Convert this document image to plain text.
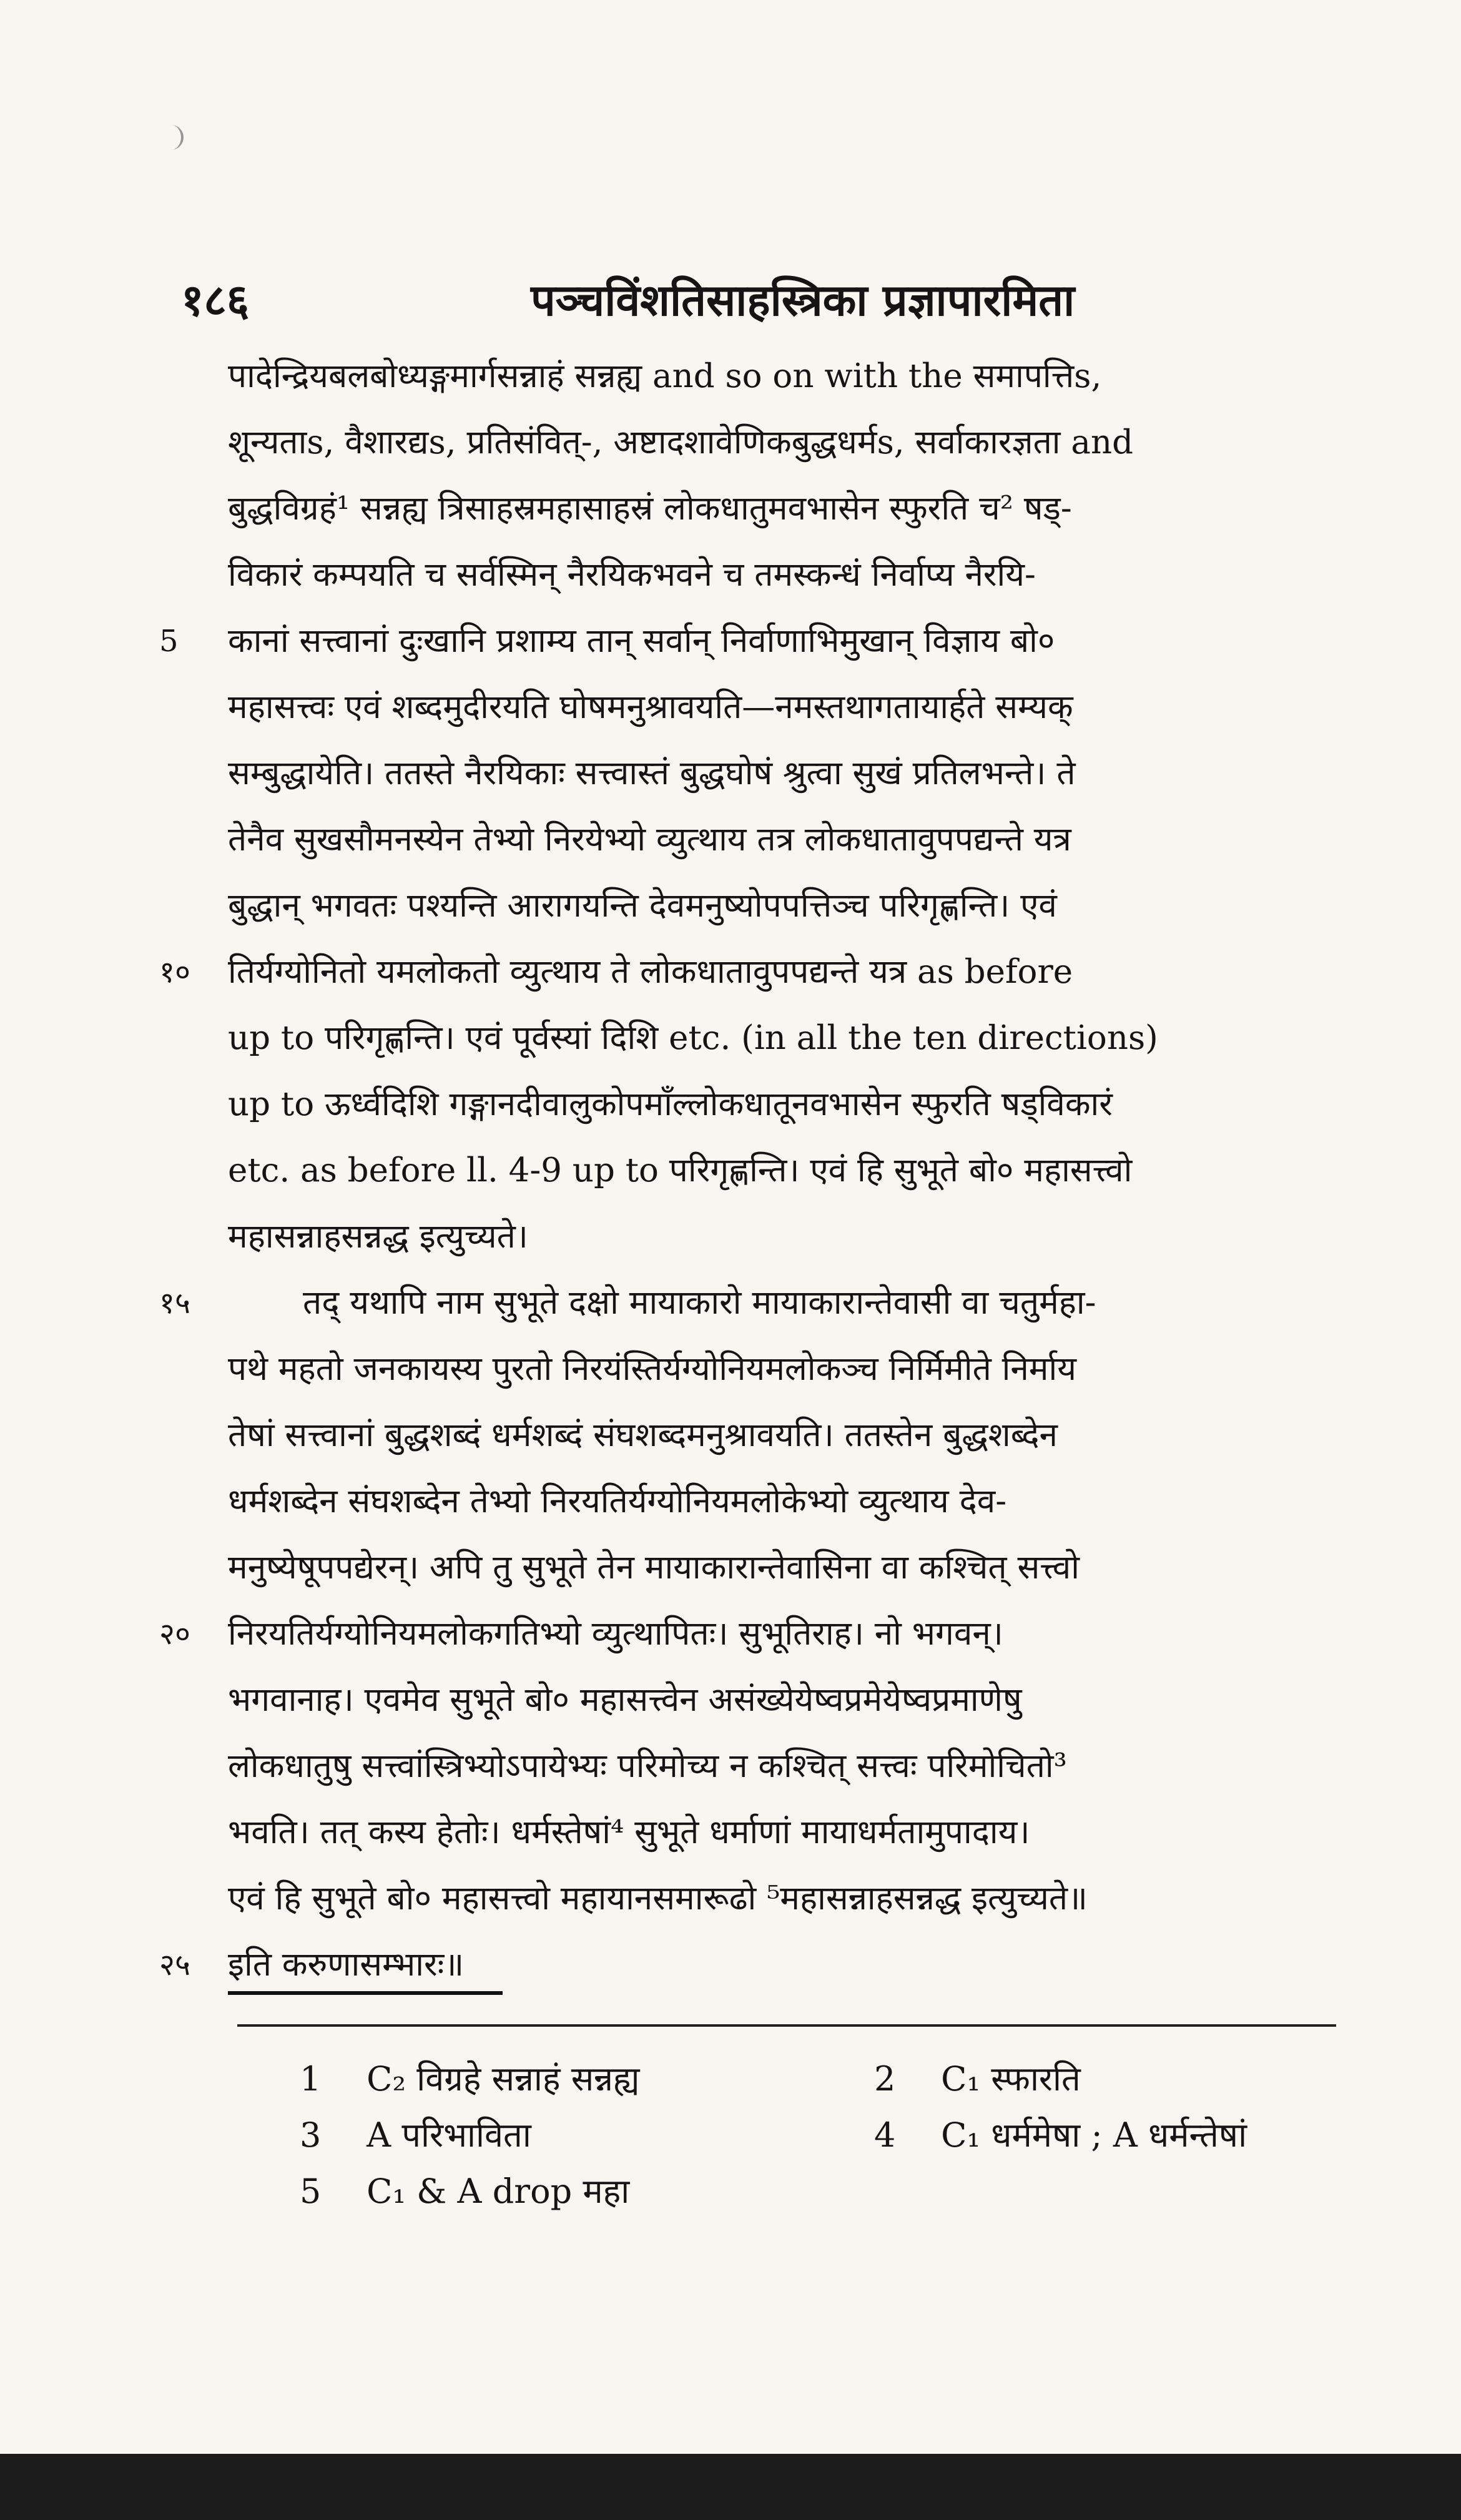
१८६	पञ्चविंशतिसाहस्त्रिका प्रज्ञापारमिता
पादेन्द्रियबलबोध्यङ्गमार्गसन्नाहं सन्नह्य and so on with the समापत्तिs,
शून्यताs, वैशारद्यs, प्रतिसंवित्-, अष्टादशावेणिकबुद्धधर्मs, सर्वाकारज्ञता and
बुद्धविग्रहं¹ सन्नह्य त्रिसाहस्रमहासाहस्रं लोकधातुमवभासेन स्फुरति च² षड्-
विकारं कम्पयति च सर्वस्मिन् नैरयिकभवने च तमस्कन्धं निर्वाप्य नैरयि-
5 कानां सत्त्वानां दुःखानि प्रशाम्य तान् सर्वान् निर्वाणाभिमुखान् विज्ञाय बो०
महासत्त्वः एवं शब्दमुदीरयति घोषमनुश्रावयति—नमस्तथागतायार्हते सम्यक्
सम्बुद्धायेति। ततस्ते नैरयिकाः सत्त्वास्तं बुद्धघोषं श्रुत्वा सुखं प्रतिलभन्ते। ते
तेनैव सुखसौमनस्येन तेभ्यो निरयेभ्यो व्युत्थाय तत्र लोकधातावुपपद्यन्ते यत्र
बुद्धान् भगवतः पश्यन्ति आरागयन्ति देवमनुष्योपपत्तिञ्च परिगृह्णन्ति। एवं
१० तिर्यग्योनितो यमलोकतो व्युत्थाय ते लोकधातावुपपद्यन्ते यत्र as before
up to परिगृह्णन्ति। एवं पूर्वस्यां दिशि etc. (in all the ten directions)
up to ऊर्ध्वदिशि गङ्गानदीवालुकोपमाँल्लोकधातूनवभासेन स्फुरति षड्विकारं
etc. as before ll. 4-9 up to परिगृह्णन्ति। एवं हि सुभूते बो० महासत्त्वो
महासन्नाहसन्नद्ध इत्युच्यते।
१५	तद् यथापि नाम सुभूते दक्षो मायाकारो मायाकारान्तेवासी वा चतुर्महा-
पथे महतो जनकायस्य पुरतो निरयंस्तिर्यग्योनियमलोकञ्च निर्मिमीते निर्माय
तेषां सत्त्वानां बुद्धशब्दं धर्मशब्दं संघशब्दमनुश्रावयति। ततस्तेन बुद्धशब्देन
धर्मशब्देन संघशब्देन तेभ्यो निरयतिर्यग्योनियमलोकेभ्यो व्युत्थाय देव-
मनुष्येषूपपद्येरन्। अपि तु सुभूते तेन मायाकारान्तेवासिना वा कश्चित् सत्त्वो
२० निरयतिर्यग्योनियमलोकगतिभ्यो व्युत्थापितः। सुभूतिराह। नो भगवन्।
भगवानाह। एवमेव सुभूते बो० महासत्त्वेन असंख्येयेष्वप्रमेयेष्वप्रमाणेषु
लोकधातुषु सत्त्वांस्त्रिभ्योऽपायेभ्यः परिमोच्य न कश्चित् सत्त्वः परिमोचितो³
भवति। तत् कस्य हेतोः। धर्मस्तेषां⁴ सुभूते धर्माणां मायाधर्मतामुपादाय।
एवं हि सुभूते बो० महासत्त्वो महायानसमारूढो ⁵महासन्नाहसन्नद्ध इत्युच्यते॥
२५ इति करुणासम्भारः॥
1 C₂ विग्रहे सन्नाहं सन्नह्य	2 C₁ स्फारति
3 A परिभाविता	4 C₁ धर्ममेषा ; A धर्मन्तेषां
5 C₁ & A drop महा
